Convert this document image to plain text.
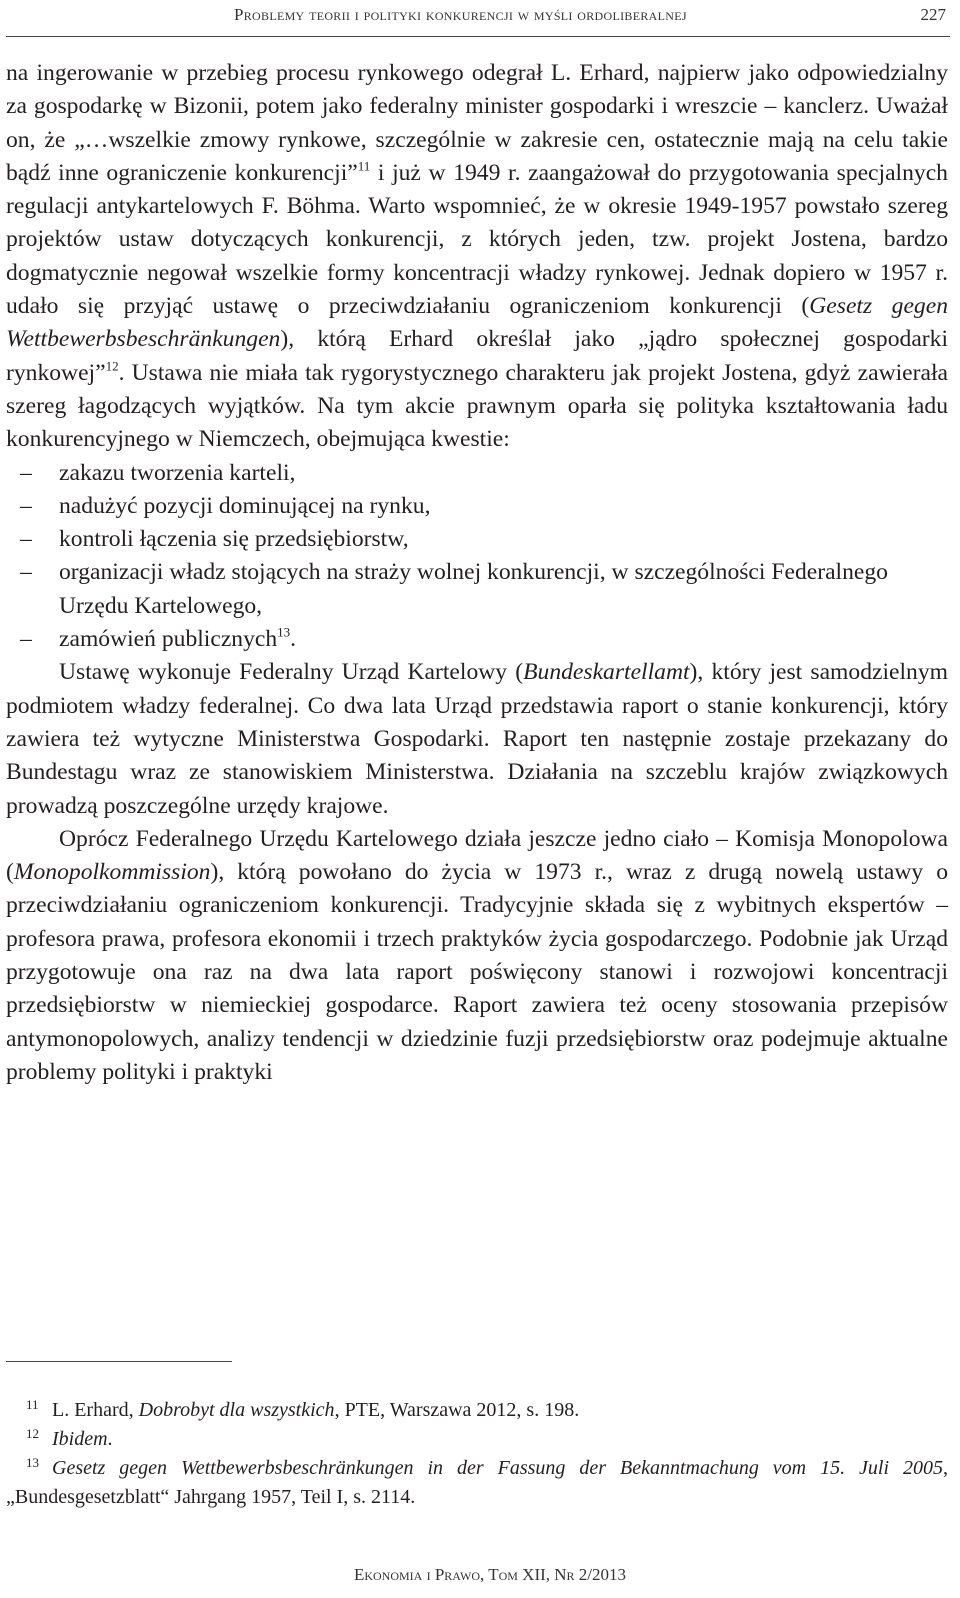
Problemy teorii i polityki konkurencji w myśli ordoliberalnej	227

na ingerowanie w przebieg procesu rynkowego odegrał L. Erhard, najpierw jako odpowiedzialny za gospodarkę w Bizonii, potem jako federalny minister gospodarki i wreszcie – kanclerz. Uważał on, że „…wszelkie zmowy rynkowe, szczególnie w zakresie cen, ostatecznie mają na celu takie bądź inne ograniczenie konkurencji”$^{11}$ i już w 1949 r. zaangażował do przygotowania specjalnych regulacji antykartelowych F. Böhma. Warto wspomnieć, że w okresie 1949-1957 powstało szereg projektów ustaw dotyczących konkurencji, z których jeden, tzw. projekt Jostena, bardzo dogmatycznie negował wszelkie formy koncentracji władzy rynkowej. Jednak dopiero w 1957 r. udało się przyjąć ustawę o przeciwdziałaniu ograniczeniom konkurencji (Gesetz gegen Wettbewerbsbeschränkungen), którą Erhard określał jako „jądro społecznej gospodarki rynkowej”$^{12}$. Ustawa nie miała tak rygorystycznego charakteru jak projekt Jostena, gdyż zawierała szereg łagodzących wyjątków. Na tym akcie prawnym oparła się polityka kształtowania ładu konkurencyjnego w Niemczech, obejmująca kwestie:

– zakazu tworzenia karteli,
– nadużyć pozycji dominującej na rynku,
– kontroli łączenia się przedsiębiorstw,
– organizacji władz stojących na straży wolnej konkurencji, w szczególności Federalnego Urzędu Kartelowego,
– zamówień publicznych$^{13}$.

Ustawę wykonuje Federalny Urząd Kartelowy (Bundeskartellamt), który jest samodzielnym podmiotem władzy federalnej. Co dwa lata Urząd przedstawia raport o stanie konkurencji, który zawiera też wytyczne Ministerstwa Gospodarki. Raport ten następnie zostaje przekazany do Bundestagu wraz ze stanowiskiem Ministerstwa. Działania na szczeblu krajów związkowych prowadzą poszczególne urzędy krajowe.

Oprócz Federalnego Urzędu Kartelowego działa jeszcze jedno ciało – Komisja Monopolowa (Monopolkommission), którą powołano do życia w 1973 r., wraz z drugą nowelą ustawy o przeciwdziałaniu ograniczeniom konkurencji. Tradycyjnie składa się z wybitnych ekspertów – profesora prawa, profesora ekonomii i trzech praktyków życia gospodarczego. Podobnie jak Urząd przygotowuje ona raz na dwa lata raport poświęcony stanowi i rozwojowi koncentracji przedsiębiorstw w niemieckiej gospodarce. Raport zawiera też oceny stosowania przepisów antymonopolowych, analizy tendencji w dziedzinie fuzji przedsiębiorstw oraz podejmuje aktualne problemy polityki i praktyki

11 L. Erhard, Dobrobyt dla wszystkich, PTE, Warszawa 2012, s. 198.

12 Ibidem.

13 Gesetz gegen Wettbewerbsbeschränkungen in der Fassung der Bekanntmachung vom 15. Juli 2005, „Bundesgesetzblatt“ Jahrgang 1957, Teil I, s. 2114.

Ekonomia i Prawo, Tom XII, Nr 2/2013
